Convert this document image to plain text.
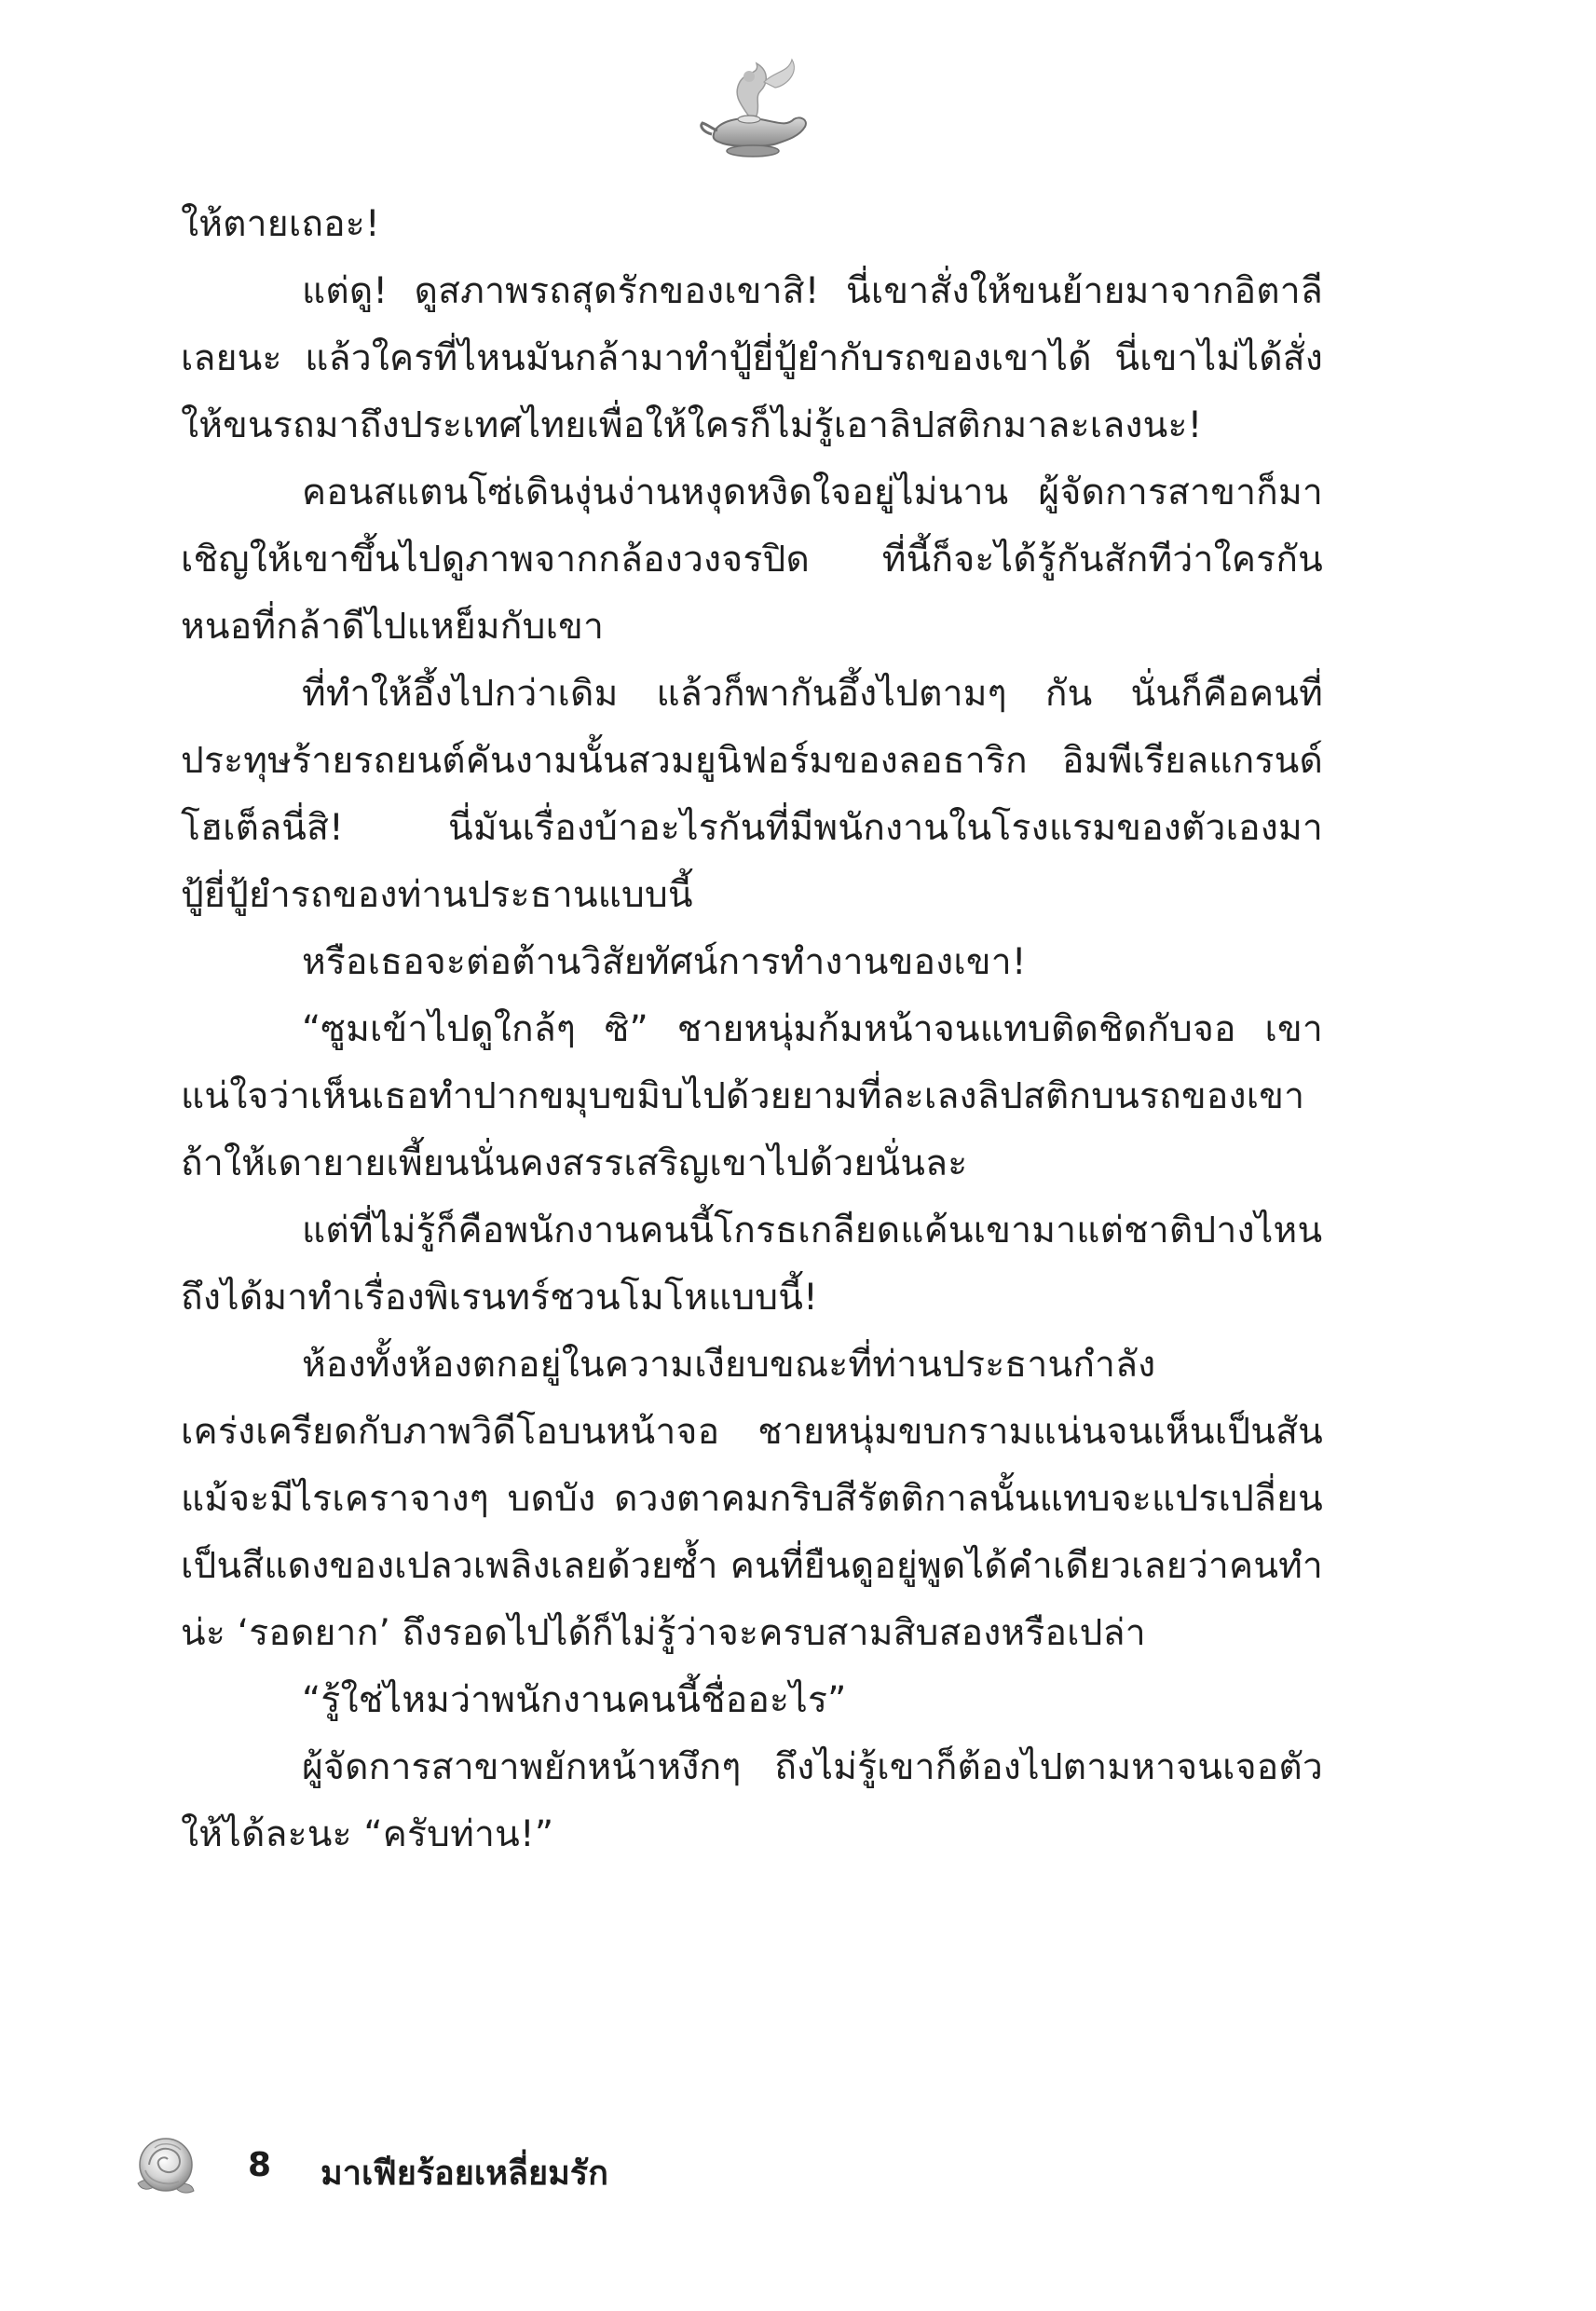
ให้ตายเถอะ!

แต่ดู! ดูสภาพรถสุดรักของเขาสิ! นี่เขาสั่งให้ขนย้ายมาจากอิตาลีเลยนะ แล้วใครที่ไหนมันกล้ามาทำปู้ยี่ปู้ยำกับรถของเขาได้ นี่เขาไม่ได้สั่งให้ขนรถมาถึงประเทศไทยเพื่อให้ใครก็ไม่รู้เอาลิปสติกมาละเลงนะ!

คอนสแตนโซ่เดินงุ่นง่านหงุดหงิดใจอยู่ไม่นาน ผู้จัดการสาขาก็มาเชิญให้เขาขึ้นไปดูภาพจากกล้องวงจรปิด ที่นี้ก็จะได้รู้กันสักทีว่าใครกันหนอที่กล้าดีไปแหย็มกับเขา

ที่ทำให้อึ้งไปกว่าเดิม แล้วก็พากันอึ้งไปตามๆ กัน นั่นก็คือคนที่ประทุษร้ายรถยนต์คันงามนั้นสวมยูนิฟอร์มของลอธาริก อิมพีเรียลแกรนด์ โฮเต็ลนี่สิ! นี่มันเรื่องบ้าอะไรกันที่มีพนักงานในโรงแรมของตัวเองมาปู้ยี่ปู้ยำรถของท่านประธานแบบนี้

หรือเธอจะต่อต้านวิสัยทัศน์การทำงานของเขา!

“ซูมเข้าไปดูใกล้ๆ ซิ” ชายหนุ่มก้มหน้าจนแทบติดชิดกับจอ เขาแน่ใจว่าเห็นเธอทำปากขมุบขมิบไปด้วยยามที่ละเลงลิปสติกบนรถของเขา ถ้าให้เดายายเพี้ยนนั่นคงสรรเสริญเขาไปด้วยนั่นละ

แต่ที่ไม่รู้ก็คือพนักงานคนนี้โกรธเกลียดแค้นเขามาแต่ชาติปางไหนถึงได้มาทำเรื่องพิเรนทร์ชวนโมโหแบบนี้!

ห้องทั้งห้องตกอยู่ในความเงียบขณะที่ท่านประธานกำลังเคร่งเครียดกับภาพวิดีโอบนหน้าจอ ชายหนุ่มขบกรามแน่นจนเห็นเป็นสัน แม้จะมีไรเคราจางๆ บดบัง ดวงตาคมกริบสีรัตติกาลนั้นแทบจะแปรเปลี่ยนเป็นสีแดงของเปลวเพลิงเลยด้วยซ้ำ คนที่ยืนดูอยู่พูดได้คำเดียวเลยว่าคนทำน่ะ ‘รอดยาก’ ถึงรอดไปได้ก็ไม่รู้ว่าจะครบสามสิบสองหรือเปล่า

“รู้ใช่ไหมว่าพนักงานคนนี้ชื่ออะไร”

ผู้จัดการสาขาพยักหน้าหงึกๆ ถึงไม่รู้เขาก็ต้องไปตามหาจนเจอตัวให้ได้ละนะ “ครับท่าน!”

8 มาเฟียร้อยเหลี่ยมรัก
